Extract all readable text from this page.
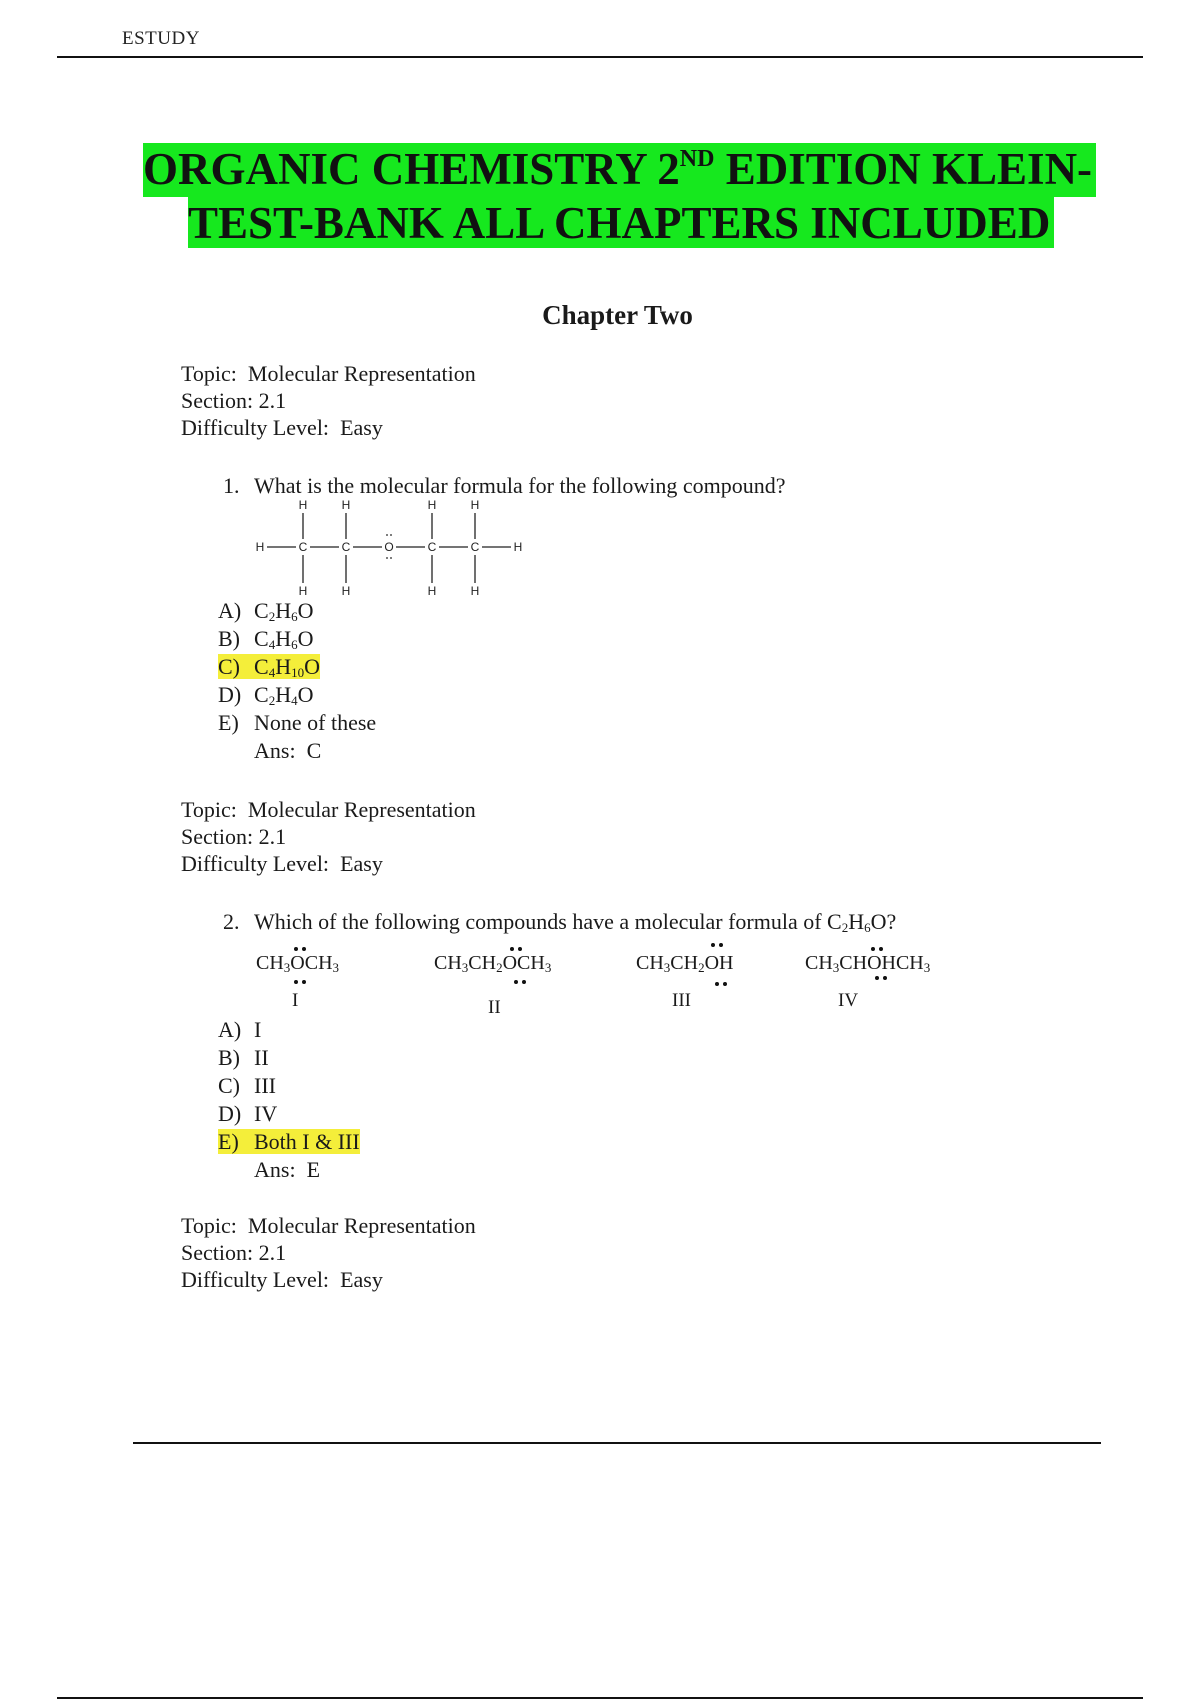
ESTUDY
ORGANIC CHEMISTRY 2ND EDITION KLEIN-
TEST-BANK ALL CHAPTERS INCLUDED
Chapter Two
Topic: Molecular Representation
Section: 2.1
Difficulty Level: Easy
1. What is the molecular formula for the following compound?
H	H	H	H
H	C	C	O	C	C	H
H	H	H	H
A) $C_2H_6O$
B) $C_4H_6O$
C) $C_4H_{10}O$
D) $C_2H_4O$
E) None of these
Ans: C
Topic: Molecular Representation
Section: 2.1
Difficulty Level: Easy
2. Which of the following compounds have a molecular formula of $C_2H_6O$?
$CH_3OCH_3$	$CH_3CH_2OCH_3$	$CH_3CH_2OH$	$CH_3CHOHCH_3$
I	II	III	IV
A) I
B) II
C) III
D) IV
E) Both I & III
Ans: E
Topic: Molecular Representation
Section: 2.1
Difficulty Level: Easy
